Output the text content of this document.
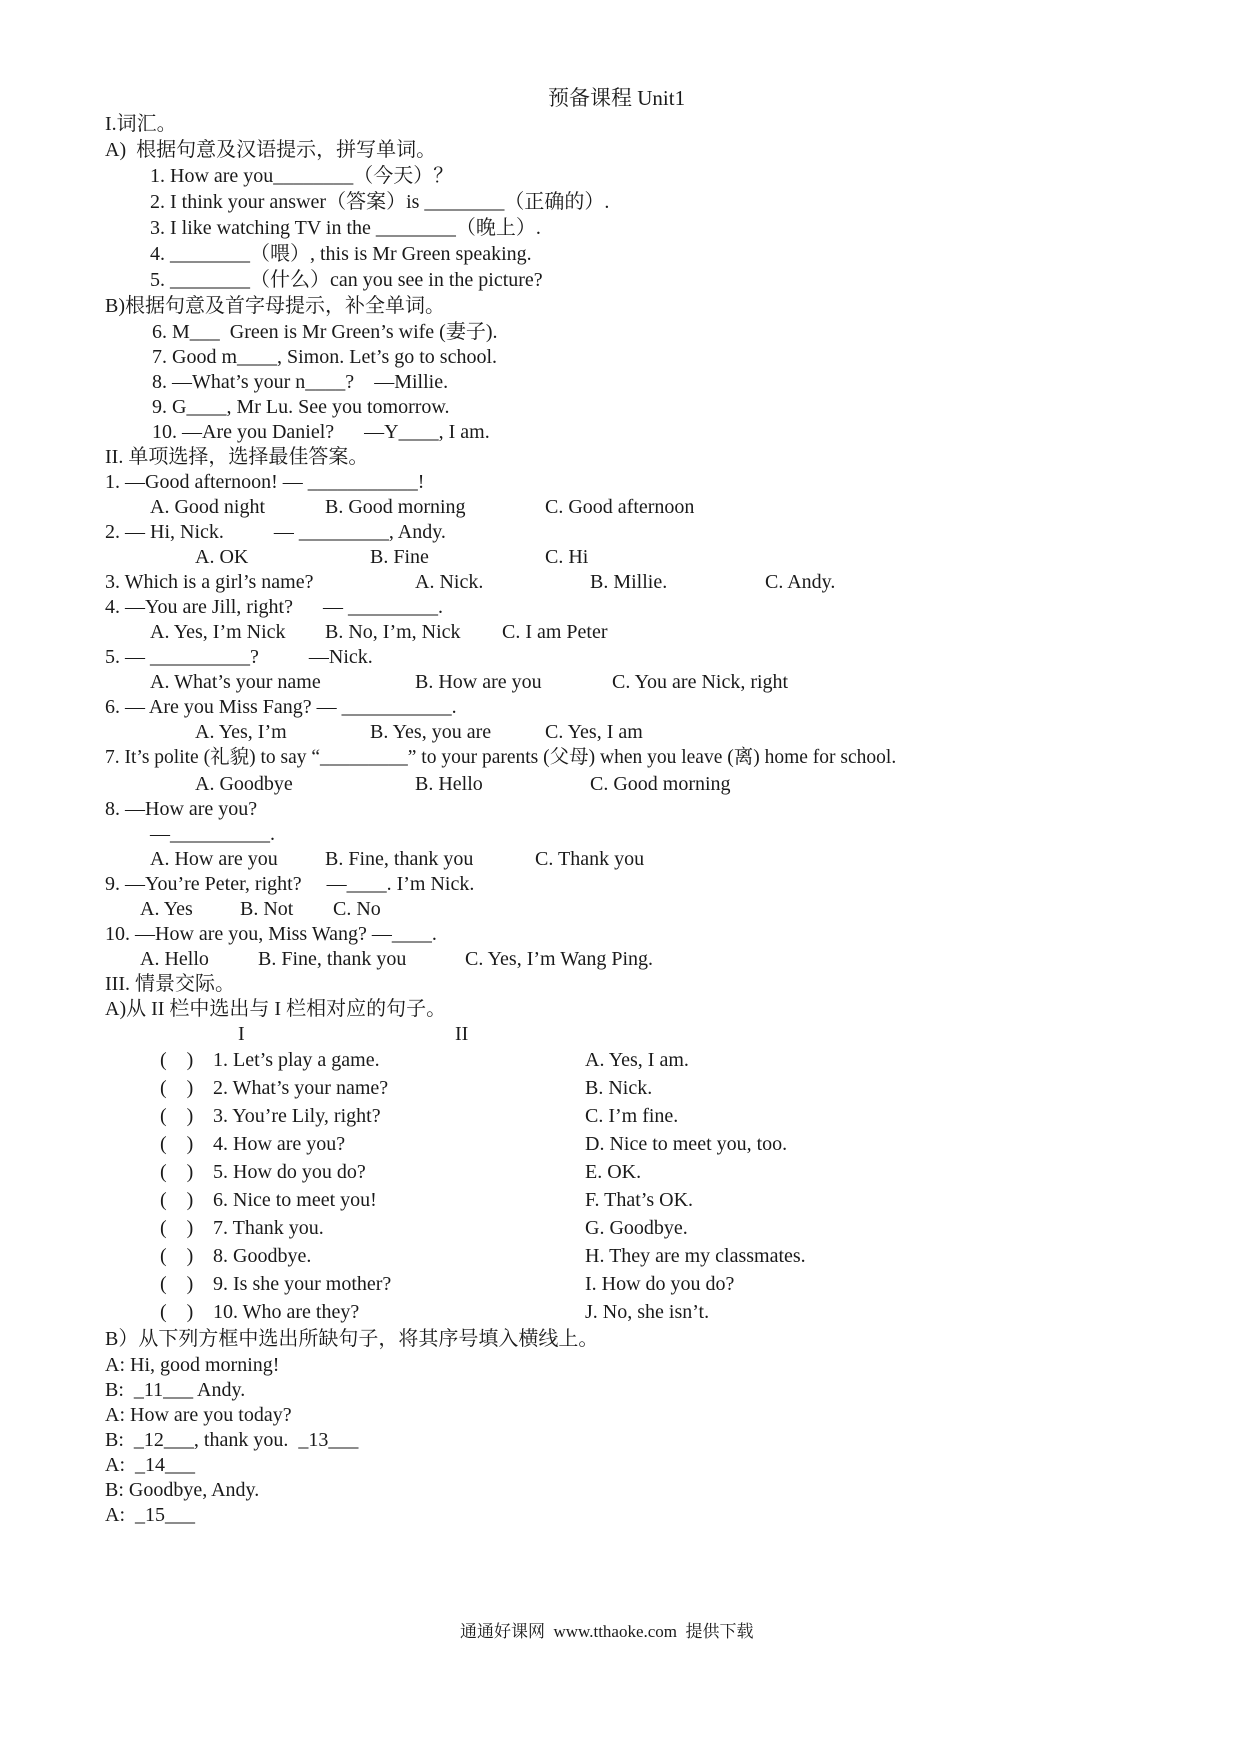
预备课程 Unit1
I.词汇。
A)  根据句意及汉语提示，拼写单词。
1. How are you________（今天）？
2. I think your answer（答案）is ________（正确的）.
3. I like watching TV in the ________（晚上）.
4. ________（喂）, this is Mr Green speaking.
5. ________（什么）can you see in the picture?
B)根据句意及首字母提示，补全单词。
6. M___  Green is Mr Green’s wife (妻子).
7. Good m____, Simon. Let’s go to school.
8. —What’s your n____?    —Millie.
9. G____, Mr Lu. See you tomorrow.
10. —Are you Daniel?      —Y____, I am.
II. 单项选择，选择最佳答案。
1. —Good afternoon! — ___________!
A. Good night	B. Good morning	C. Good afternoon
2. — Hi, Nick.          — _________, Andy.
A. OK	B. Fine	C. Hi
3. Which is a girl’s name?	A. Nick.	B. Millie.	C. Andy.
4. —You are Jill, right?      — _________.
A. Yes, I’m Nick B. No, I’m, Nick C. I am Peter
5. — __________?          —Nick.
A. What’s your name	B. How are you	C. You are Nick, right
6. — Are you Miss Fang? — ___________.
A. Yes, I’m	B. Yes, you are	C. Yes, I am
7. It’s polite (礼貌) to say “_________” to your parents (父母) when you leave (离) home for school.
A. Goodbye	B. Hello	C. Good morning
8. —How are you?
—__________.
A. How are you B. Fine, thank you	C. Thank you
9. —You’re Peter, right?     —____. I’m Nick.
A. Yes B. Not C. No
10. —How are you, Miss Wang? —____.
A. Hello B. Fine, thank you	C. Yes, I’m Wang Ping.
III. 情景交际。
A)从 II 栏中选出与 I 栏相对应的句子。
I	II
(    ) 1. Let’s play a game.	A. Yes, I am.
(    ) 2. What’s your name?	B. Nick.
(    ) 3. You’re Lily, right?	C. I’m fine.
(    ) 4. How are you?	D. Nice to meet you, too.
(    ) 5. How do you do?	E. OK.
(    ) 6. Nice to meet you!	F. That’s OK.
(    ) 7. Thank you.	G. Goodbye.
(    ) 8. Goodbye.	H. They are my classmates.
(    ) 9. Is she your mother?	I. How do you do?
(    ) 10. Who are they?	J. No, she isn’t.
B）从下列方框中选出所缺句子，将其序号填入横线上。
A: Hi, good morning!
B:  _11___ Andy.
A: How are you today?
B:  _12___, thank you.  _13___
A:  _14___
B: Goodbye, Andy.
A:  _15___
通通好课网  www.tthaoke.com  提供下载
